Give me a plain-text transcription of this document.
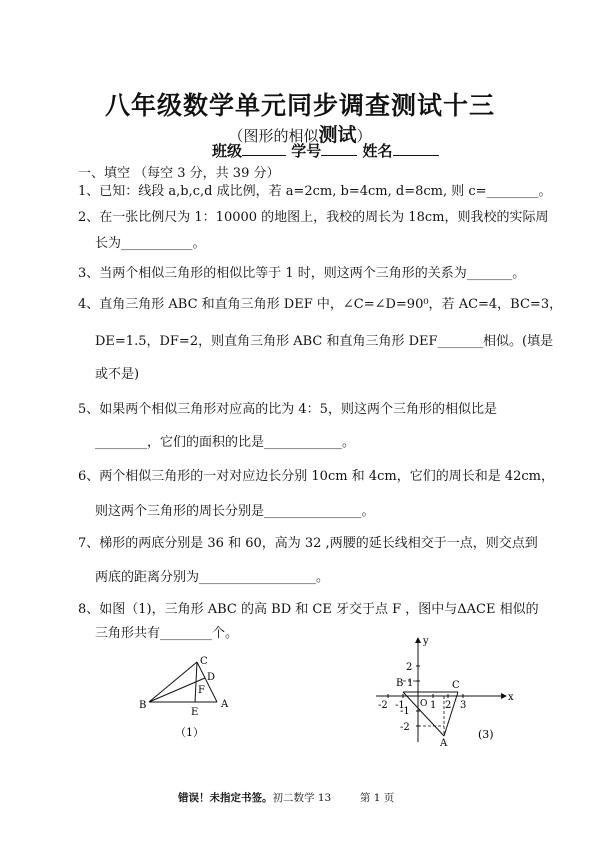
八年级数学单元同步调查测试十三
（图形的相似测试）
班级	学号	姓名
一、填空 （每空 3 分，共 39 分）
1、已知：线段 a,b,c,d 成比例，若 a=2cm, b=4cm, d=8cm, 则 c=________。
2、在一张比例尺为 1：10000 的地图上，我校的周长为 18cm，则我校的实际周
长为___________。
3、当两个相似三角形的相似比等于 1 时，则这两个三角形的关系为_______。
4、直角三角形 ABC 和直角三角形 DEF 中，∠C=∠D=90⁰，若 AC=4，BC=3，
DE=1.5，DF=2，则直角三角形 ABC 和直角三角形 DEF_______相似。(填是
或不是)
5、如果两个相似三角形对应高的比为 4：5，则这两个三角形的相似比是
________，它们的面积的比是____________。
6、两个相似三角形的一对对应边长分别 10cm 和 4cm，它们的周长和是 42cm，
则这两个三角形的周长分别是_______________。
7、梯形的两底分别是 36 和 60，高为 32 ,两腰的延长线相交于一点，则交点到
两底的距离分别为__________________。
8、如图（1)，三角形 ABC 的高 BD 和 CE 牙交于点 F ，图中与ΔACE 相似的
三角形共有________个。
B
C
D
F
E
A
（1）
x
y
2
B 1	C
-2 -1 O 1 2 3
-1
-2
A
(3)
错误！未指定书签。初二数学 13	第 1 页
